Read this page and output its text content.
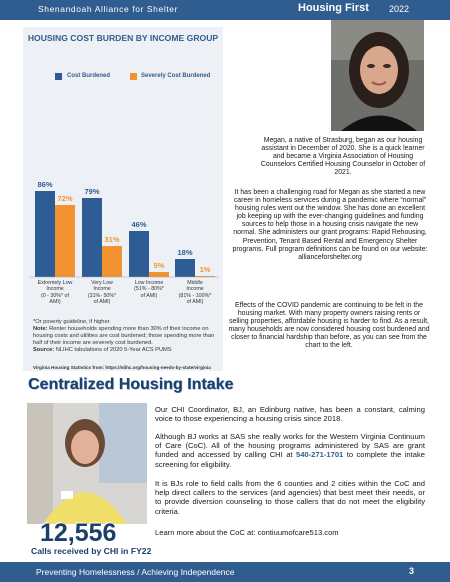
Shenandoah Alliance for Shelter	Housing First 2022
HOUSING COST BURDEN BY INCOME GROUP
Cost Burdened	Severely Cost Burdened
86%
79%
46%
18%
72%
31%
5%	1%
Extremely Low
Income
(0 - 30%* of
AMI)
Very Low
Income
(31%- 50%*
of AMI)
Low Income
(51% - 80%*
of AMI)
Middle
Income
(81% - 100%*
of AMI)
*Or poverty guideline, if higher.
Note: Renter households spending more than 30% of their income on housing costs and utilities are cost burdened; those spending more than half of their income are severely cost burdened.
Source: NLIHC tabulations of 2020 5-Year ACS PUMS
Virginia Housing Statistics from: https://nlihc.org/housing-needs-by-state/virginia
Megan, a native of Strasburg, began as our housing assistant in December of 2020. She is a quick learner and became a Virginia Association of Housing Counselors Certified Housing Counselor in October of 2021.
It has been a challenging road for Megan as she started a new career in homeless services during a pandemic where “normal” housing rules went out the window. She has done an excellent job keeping up with the ever-changing guidelines and funding sources to help those in a housing crisis navigate the new normal. She administers our grant programs: Rapid Rehousing, Prevention, Tenant Based Rental and Emergency Shelter programs. Full program definitions can be found on our website: allianceforshelter.org
Effects of the COVID pandemic are continuing to be felt in the housing market. With many property owners raising rents or selling properties, affordable housing is harder to find. As a result, many households are now considered housing cost burdened and closer to financial hardship than before, as you can see from the chart to the left.
Centralized Housing Intake
12,556
Calls received by CHI in FY22
Our CHI Coordinator, BJ, an Edinburg native, has been a constant, calming voice to those experiencing a housing crisis since 2018.
Although BJ works at SAS she really works for the Western Virginia Continuum of Care (CoC). All of the housing programs administered by SAS are grant funded and accessed by calling CHI at 540-271-1701 to complete the intake screening for eligibility.
It is BJs role to field calls from the 6 counties and 2 cities within the CoC and help direct callers to the services (and agencies) that best meet their needs, or to provide diversion counseling to those callers that do not meet the eligibility criteria.
Learn more about the CoC at: contiuumofcare513.com
Preventing Homelessness / Achieving Independence	3
